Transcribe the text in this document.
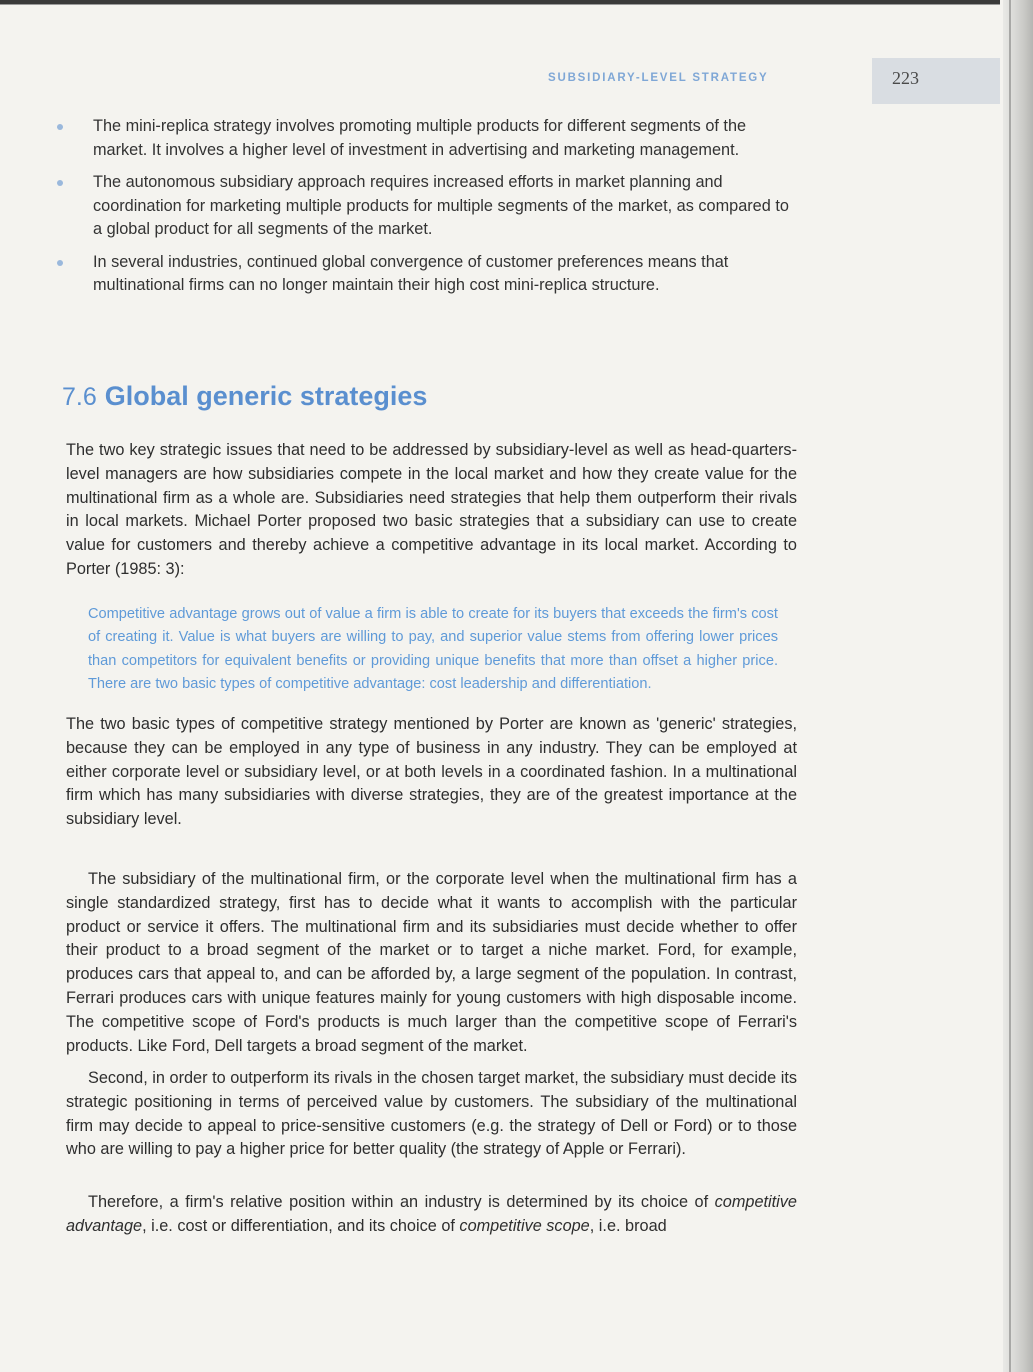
SUBSIDIARY-LEVEL STRATEGY	223
The mini-replica strategy involves promoting multiple products for different segments of the market. It involves a higher level of investment in advertising and marketing management.
The autonomous subsidiary approach requires increased efforts in market planning and coordination for marketing multiple products for multiple segments of the market, as compared to a global product for all segments of the market.
In several industries, continued global convergence of customer preferences means that multinational firms can no longer maintain their high cost mini-replica structure.
7.6 Global generic strategies

The two key strategic issues that need to be addressed by subsidiary-level as well as head-quarters-level managers are how subsidiaries compete in the local market and how they create value for the multinational firm as a whole are. Subsidiaries need strategies that help them outperform their rivals in local markets. Michael Porter proposed two basic strategies that a subsidiary can use to create value for customers and thereby achieve a competitive advantage in its local market. According to Porter (1985: 3):

Competitive advantage grows out of value a firm is able to create for its buyers that exceeds the firm's cost of creating it. Value is what buyers are willing to pay, and superior value stems from offering lower prices than competitors for equivalent benefits or providing unique benefits that more than offset a higher price. There are two basic types of competitive advantage: cost leadership and differentiation.

The two basic types of competitive strategy mentioned by Porter are known as 'generic' strategies, because they can be employed in any type of business in any industry. They can be employed at either corporate level or subsidiary level, or at both levels in a coordinated fashion. In a multinational firm which has many subsidiaries with diverse strategies, they are of the greatest importance at the subsidiary level.

The subsidiary of the multinational firm, or the corporate level when the multinational firm has a single standardized strategy, first has to decide what it wants to accomplish with the particular product or service it offers. The multinational firm and its subsidiaries must decide whether to offer their product to a broad segment of the market or to target a niche market. Ford, for example, produces cars that appeal to, and can be afforded by, a large segment of the population. In contrast, Ferrari produces cars with unique features mainly for young customers with high disposable income. The competitive scope of Ford's products is much larger than the competitive scope of Ferrari's products. Like Ford, Dell targets a broad segment of the market.

Second, in order to outperform its rivals in the chosen target market, the subsidiary must decide its strategic positioning in terms of perceived value by customers. The subsidiary of the multinational firm may decide to appeal to price-sensitive customers (e.g. the strategy of Dell or Ford) or to those who are willing to pay a higher price for better quality (the strategy of Apple or Ferrari).

Therefore, a firm's relative position within an industry is determined by its choice of competitive advantage, i.e. cost or differentiation, and its choice of competitive scope, i.e. broad
